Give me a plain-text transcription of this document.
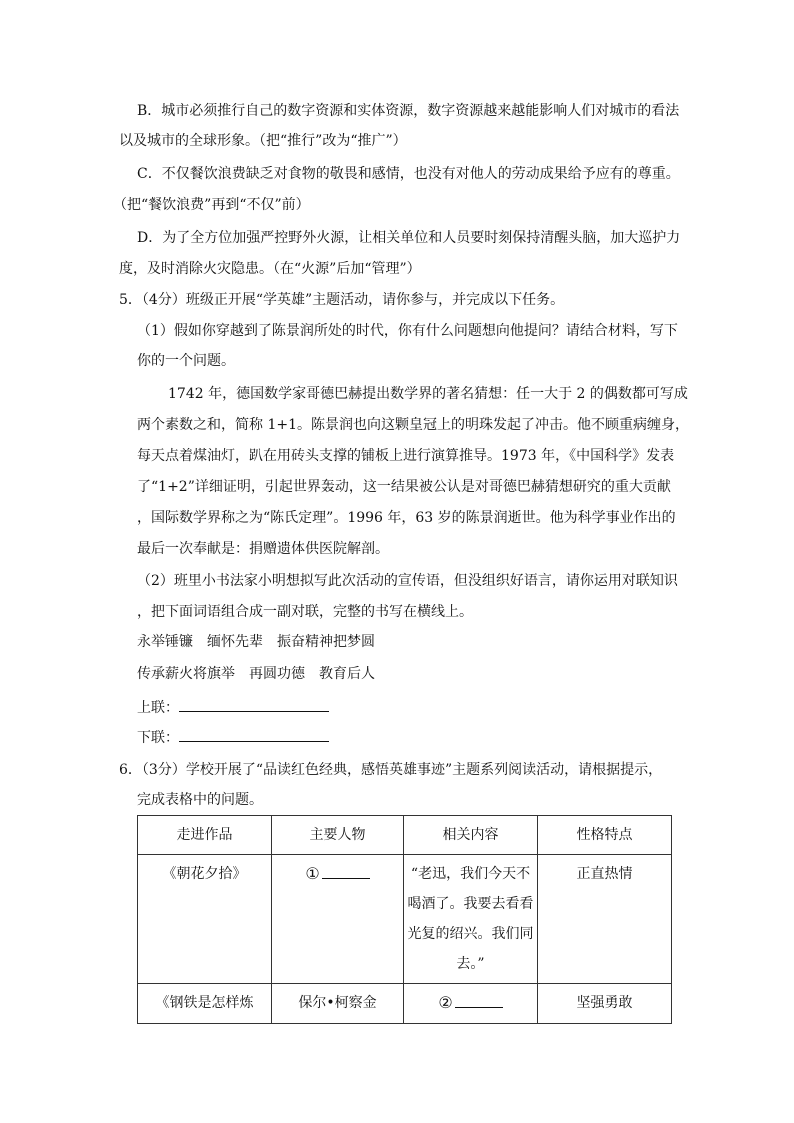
B．城市必须推行自己的数字资源和实体资源，数字资源越来越能影响人们对城市的看法
以及城市的全球形象。（把“推行”改为“推广”）
C．不仅餐饮浪费缺乏对食物的敬畏和感情，也没有对他人的劳动成果给予应有的尊重。
（把“餐饮浪费”再到“不仅”前）
D．为了全方位加强严控野外火源，让相关单位和人员要时刻保持清醒头脑，加大巡护力
度，及时消除火灾隐患。（在“火源”后加“管理”）
5．（4分）班级正开展“学英雄”主题活动，请你参与，并完成以下任务。
（1）假如你穿越到了陈景润所处的时代，你有什么问题想向他提问？请结合材料，写下
你的一个问题。
1742 年，德国数学家哥德巴赫提出数学界的著名猜想：任一大于 2 的偶数都可写成
两个素数之和，简称 1+1。陈景润也向这颗皇冠上的明珠发起了冲击。他不顾重病缠身，
每天点着煤油灯，趴在用砖头支撑的铺板上进行演算推导。1973 年，《中国科学》发表
了“1+2”详细证明，引起世界轰动，这一结果被公认是对哥德巴赫猜想研究的重大贡献
，国际数学界称之为“陈氏定理”。1996 年，63 岁的陈景润逝世。他为科学事业作出的
最后一次奉献是：捐赠遗体供医院解剖。
（2）班里小书法家小明想拟写此次活动的宣传语，但没组织好语言，请你运用对联知识
，把下面词语组合成一副对联，完整的书写在横线上。
永举锤镰　缅怀先辈　振奋精神把梦圆
传承薪火将旗举　再圆功德　教育后人
上联：
下联：
6．（3分）学校开展了“品读红色经典，感悟英雄事迹”主题系列阅读活动，请根据提示，
完成表格中的问题。
走进作品	主要人物	相关内容	性格特点
《朝花夕拾》	①	“老迅，我们今天不
喝酒了。我要去看看
光复的绍兴。我们同
去。”	正直热情
《钢铁是怎样炼	保尔•柯察金	②	坚强勇敢
